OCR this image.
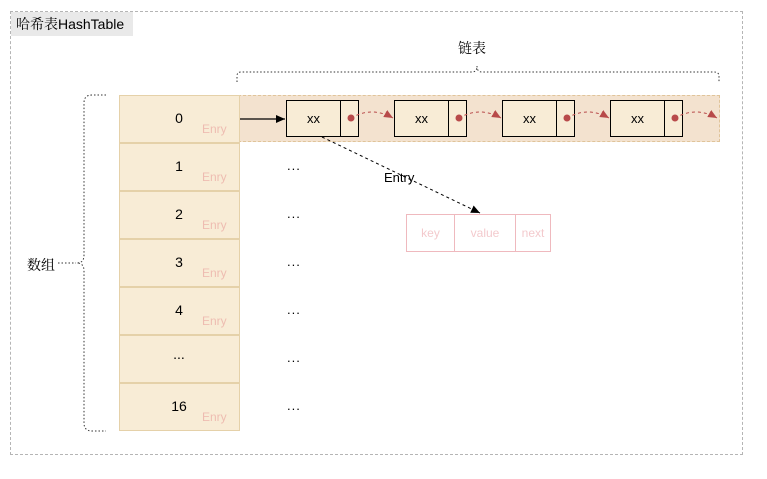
哈希表HashTable
链表
数组
0
Enry
1
Enry
2
Enry
3
Enry
4
Enry
...
16
Enry
xx	xx	xx	xx
...
...
...
...
...
...
Entry
key	value	next
